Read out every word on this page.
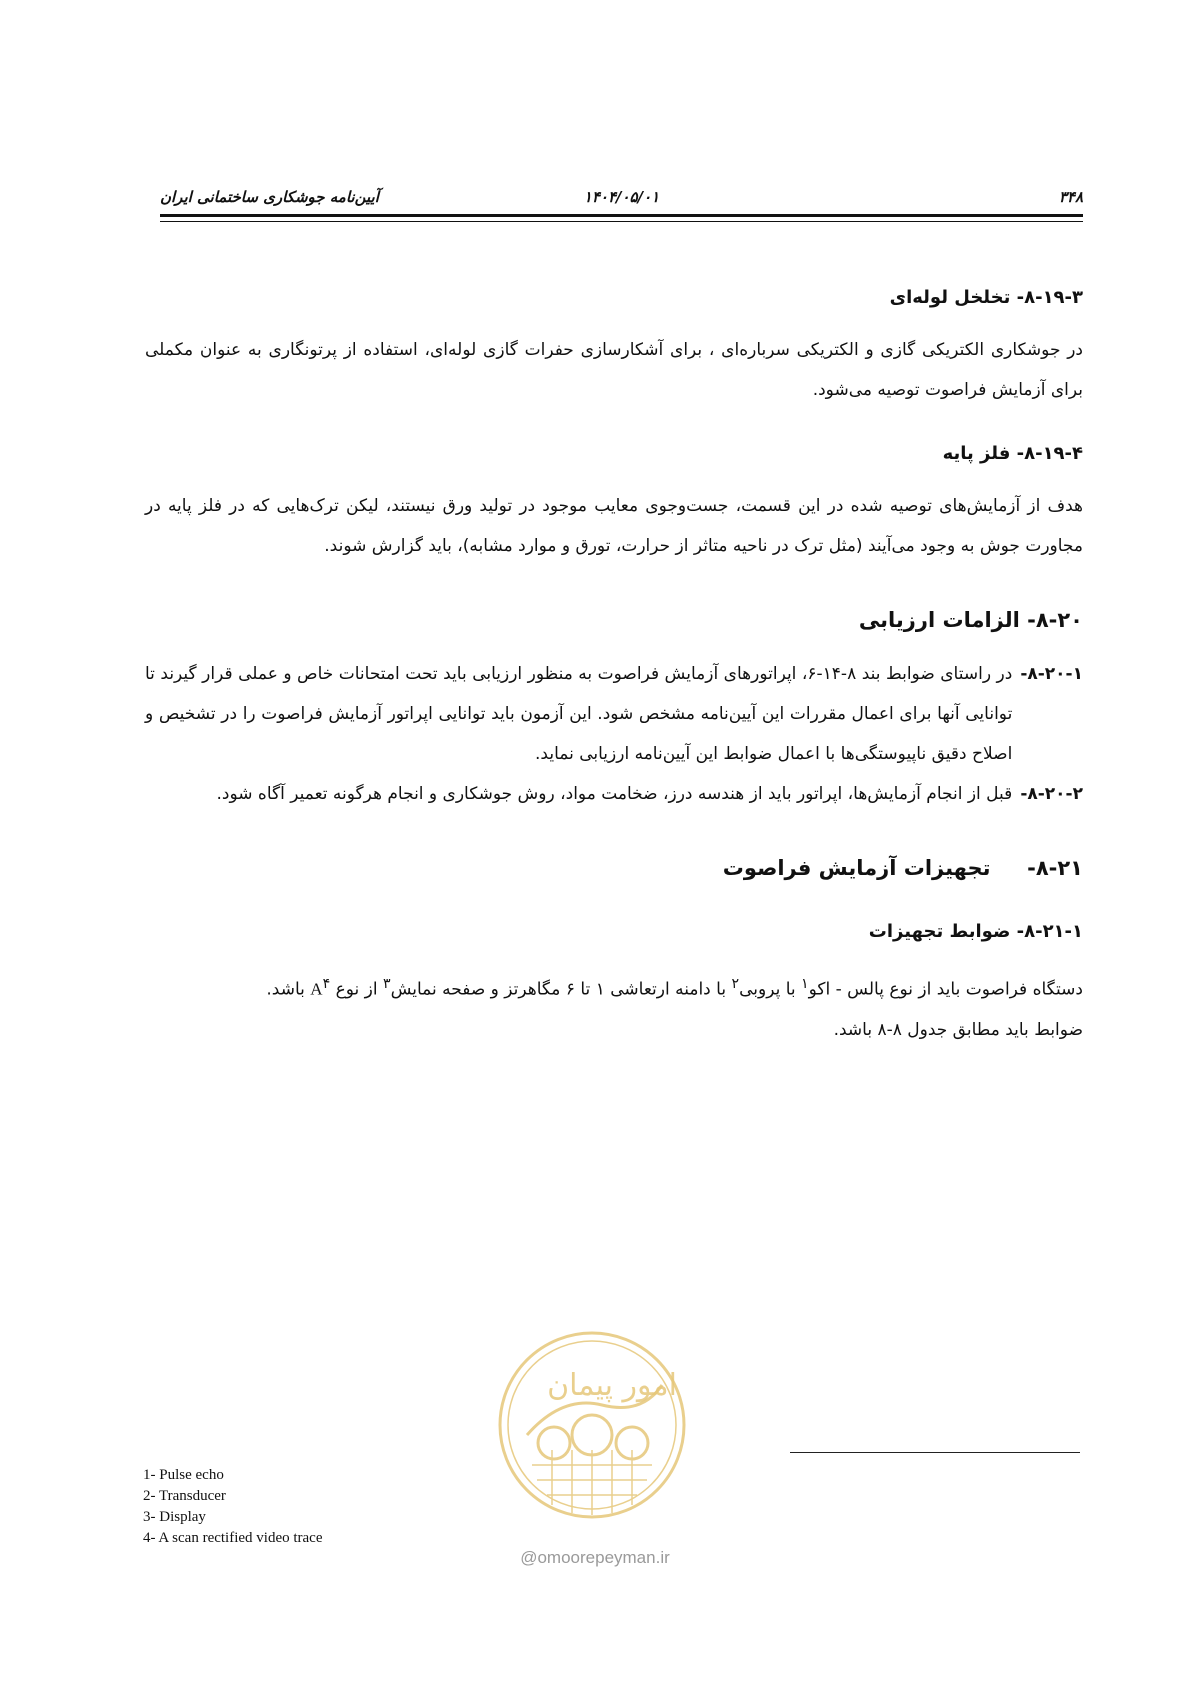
۳۴۸
۱۴۰۴/۰۵/۰۱
آیین‌نامه جوشکاری ساختمانی ایران

۸-۱۹-۳- تخلخل لوله‌ای

در جوشکاری الکتریکی گازی و الکتریکی سرباره‌ای ، برای آشکارسازی حفرات گازی لوله‌ای، استفاده از پرتونگاری به عنوان مکملی برای آزمایش فراصوت توصیه می‌شود.

۸-۱۹-۴- فلز پایه

هدف از آزمایش‌های توصیه شده در این قسمت، جست‌وجوی معایب موجود در تولید ورق نیستند، لیکن ترک‌هایی که در فلز پایه در مجاورت جوش به وجود می‌آیند (مثل ترک در ناحیه متاثر از حرارت، تورق و موارد مشابه)، باید گزارش شوند.

۸-۲۰- الزامات ارزیابی

۸-۲۰-۱-
در راستای ضوابط بند ۸-۱۴-۶، اپراتورهای آزمایش فراصوت به منظور ارزیابی باید تحت امتحانات خاص و عملی قرار گیرند تا توانایی آنها برای اعمال مقررات این آیین‌نامه مشخص شود. این آزمون باید توانایی اپراتور آزمایش فراصوت را در تشخیص و اصلاح دقیق ناپیوستگی‌ها با اعمال ضوابط این آیین‌نامه ارزیابی نماید.
۸-۲۰-۲-
قبل از انجام آزمایش‌ها، اپراتور باید از هندسه درز، ضخامت مواد، روش جوشکاری و انجام هرگونه تعمیر آگاه شود.

۸-۲۱-     تجهیزات آزمایش فراصوت

۸-۲۱-۱- ضوابط تجهیزات

دستگاه فراصوت باید از نوع پالس - اکو$^۱$ با پروبی$^۲$ با دامنه ارتعاشی ۱ تا ۶ مگاهرتز و صفحه نمایش$^۳$ از نوع $A^۴$ باشد.

ضوابط باید مطابق جدول ۸-۸ باشد.

1- Pulse echo
2- Transducer
3- Display
4- A scan rectified video trace
امور پیمان
@omoorepeyman.ir
